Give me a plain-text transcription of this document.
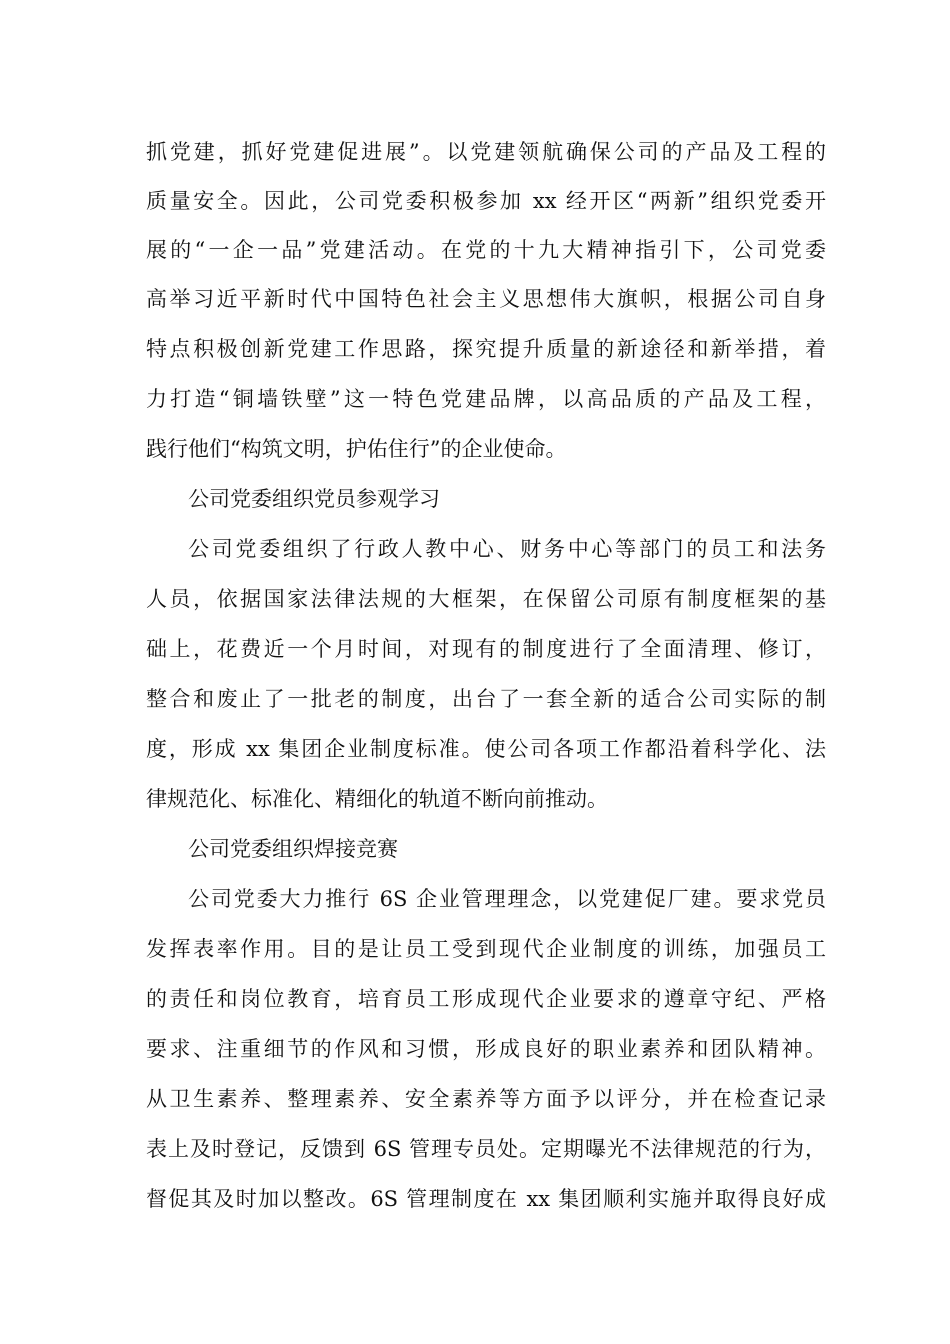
抓党建，抓好党建促进展”。以党建领航确保公司的产品及工程的

质量安全。因此，公司党委积极参加 xx 经开区“两新”组织党委开

展的“一企一品”党建活动。在党的十九大精神指引下，公司党委

高举习近平新时代中国特色社会主义思想伟大旗帜，根据公司自身

特点积极创新党建工作思路，探究提升质量的新途径和新举措，着

力打造“铜墙铁壁”这一特色党建品牌，以高品质的产品及工程，

践行他们“构筑文明，护佑住行”的企业使命。

公司党委组织党员参观学习

公司党委组织了行政人教中心、财务中心等部门的员工和法务

人员，依据国家法律法规的大框架，在保留公司原有制度框架的基

础上，花费近一个月时间，对现有的制度进行了全面清理、修订，

整合和废止了一批老的制度，出台了一套全新的适合公司实际的制

度，形成 xx 集团企业制度标准。使公司各项工作都沿着科学化、法

律规范化、标准化、精细化的轨道不断向前推动。

公司党委组织焊接竞赛

公司党委大力推行 6S 企业管理理念，以党建促厂建。要求党员

发挥表率作用。目的是让员工受到现代企业制度的训练，加强员工

的责任和岗位教育，培育员工形成现代企业要求的遵章守纪、严格

要求、注重细节的作风和习惯，形成良好的职业素养和团队精神。

从卫生素养、整理素养、安全素养等方面予以评分，并在检查记录

表上及时登记，反馈到 6S 管理专员处。定期曝光不法律规范的行为，

督促其及时加以整改。6S 管理制度在 xx 集团顺利实施并取得良好成
